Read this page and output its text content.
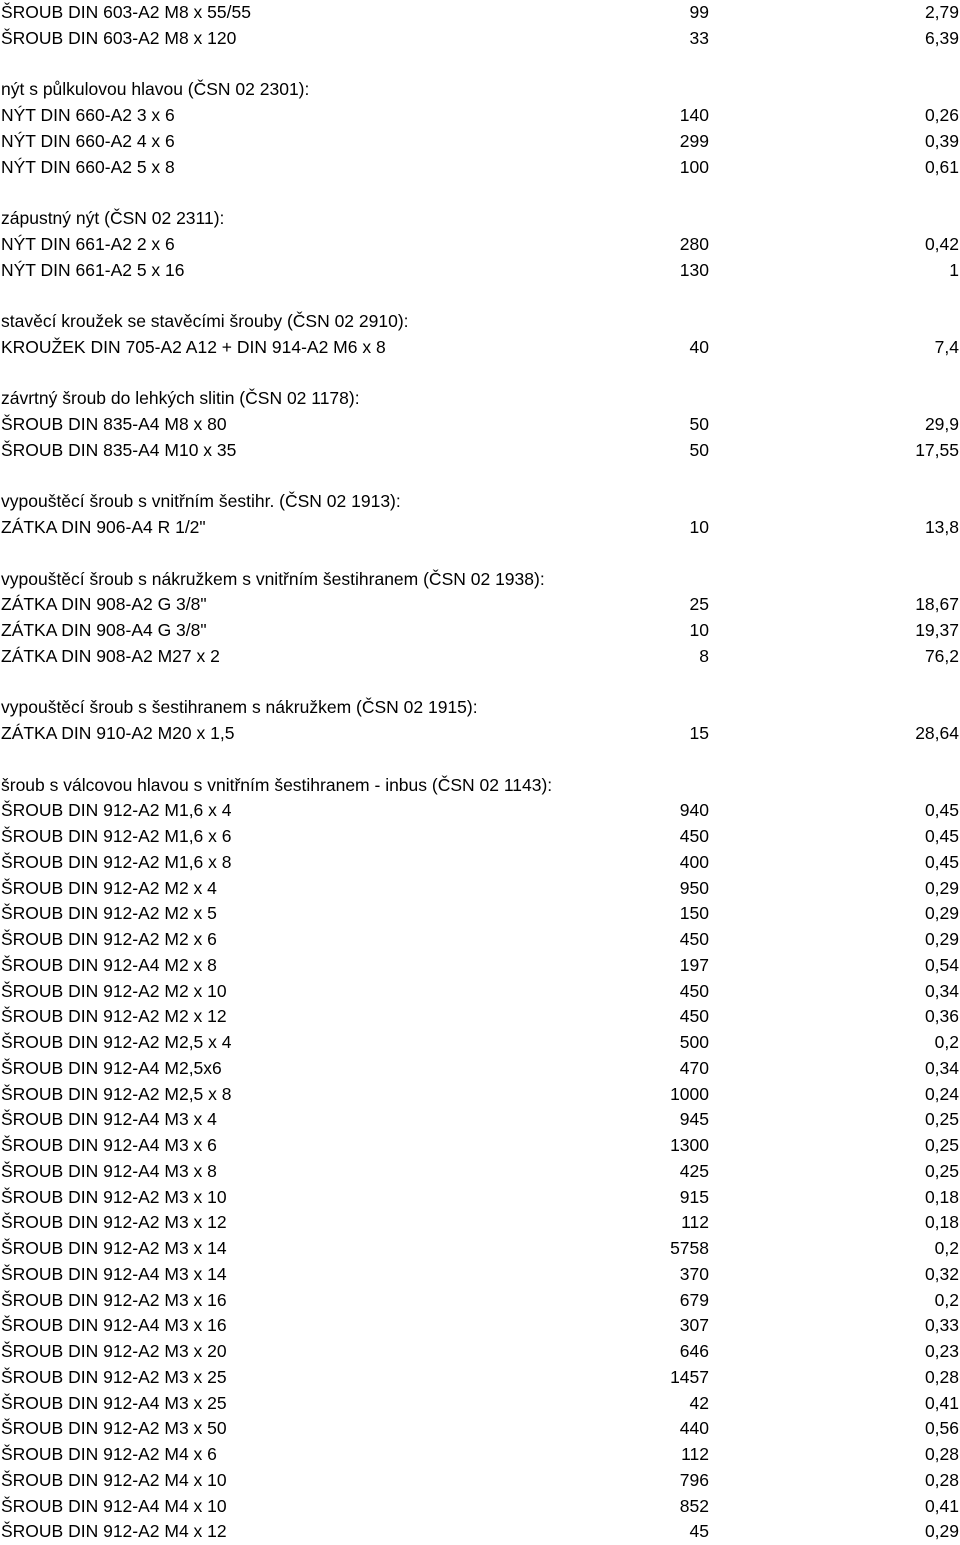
ŠROUB DIN 603-A2 M8 x 55/55	99	2,79
ŠROUB DIN 603-A2 M8 x 120	33	6,39
nýt s půlkulovou hlavou (ČSN 02 2301):
NÝT DIN 660-A2 3 x 6	140	0,26
NÝT DIN 660-A2 4 x 6	299	0,39
NÝT DIN 660-A2 5 x 8	100	0,61
zápustný nýt (ČSN 02 2311):
NÝT DIN 661-A2 2 x 6	280	0,42
NÝT DIN 661-A2 5 x 16	130	1
stavěcí kroužek se stavěcími šrouby (ČSN 02 2910):
KROUŽEK DIN 705-A2 A12 + DIN 914-A2 M6 x 8	40	7,4
závrtný šroub do lehkých slitin (ČSN 02 1178):
ŠROUB DIN 835-A4 M8 x 80	50	29,9
ŠROUB DIN 835-A4 M10 x 35	50	17,55
vypouštěcí šroub s vnitřním šestihr. (ČSN 02 1913):
ZÁTKA DIN 906-A4 R 1/2"	10	13,8
vypouštěcí šroub s nákružkem s vnitřním šestihranem (ČSN 02 1938):
ZÁTKA DIN 908-A2 G 3/8"	25	18,67
ZÁTKA DIN 908-A4 G 3/8"	10	19,37
ZÁTKA DIN 908-A2 M27 x 2	8	76,2
vypouštěcí šroub s šestihranem s nákružkem (ČSN 02 1915):
ZÁTKA DIN 910-A2 M20 x 1,5	15	28,64
šroub s válcovou hlavou s vnitřním šestihranem - inbus (ČSN 02 1143):
ŠROUB DIN 912-A2 M1,6 x 4	940	0,45
ŠROUB DIN 912-A2 M1,6 x 6	450	0,45
ŠROUB DIN 912-A2 M1,6 x 8	400	0,45
ŠROUB DIN 912-A2 M2 x 4	950	0,29
ŠROUB DIN 912-A2 M2 x 5	150	0,29
ŠROUB DIN 912-A2 M2 x 6	450	0,29
ŠROUB DIN 912-A4 M2 x 8	197	0,54
ŠROUB DIN 912-A2 M2 x 10	450	0,34
ŠROUB DIN 912-A2 M2 x 12	450	0,36
ŠROUB DIN 912-A2 M2,5 x 4	500	0,2
ŠROUB DIN 912-A4 M2,5x6	470	0,34
ŠROUB DIN 912-A2 M2,5 x 8	1000	0,24
ŠROUB DIN 912-A4 M3 x 4	945	0,25
ŠROUB DIN 912-A4 M3 x 6	1300	0,25
ŠROUB DIN 912-A4 M3 x 8	425	0,25
ŠROUB DIN 912-A2 M3 x 10	915	0,18
ŠROUB DIN 912-A2 M3 x 12	112	0,18
ŠROUB DIN 912-A2 M3 x 14	5758	0,2
ŠROUB DIN 912-A4 M3 x 14	370	0,32
ŠROUB DIN 912-A2 M3 x 16	679	0,2
ŠROUB DIN 912-A4 M3 x 16	307	0,33
ŠROUB DIN 912-A2 M3 x 20	646	0,23
ŠROUB DIN 912-A2 M3 x 25	1457	0,28
ŠROUB DIN 912-A4 M3 x 25	42	0,41
ŠROUB DIN 912-A2 M3 x 50	440	0,56
ŠROUB DIN 912-A2 M4 x 6	112	0,28
ŠROUB DIN 912-A2 M4 x 10	796	0,28
ŠROUB DIN 912-A4 M4 x 10	852	0,41
ŠROUB DIN 912-A2 M4 x 12	45	0,29
